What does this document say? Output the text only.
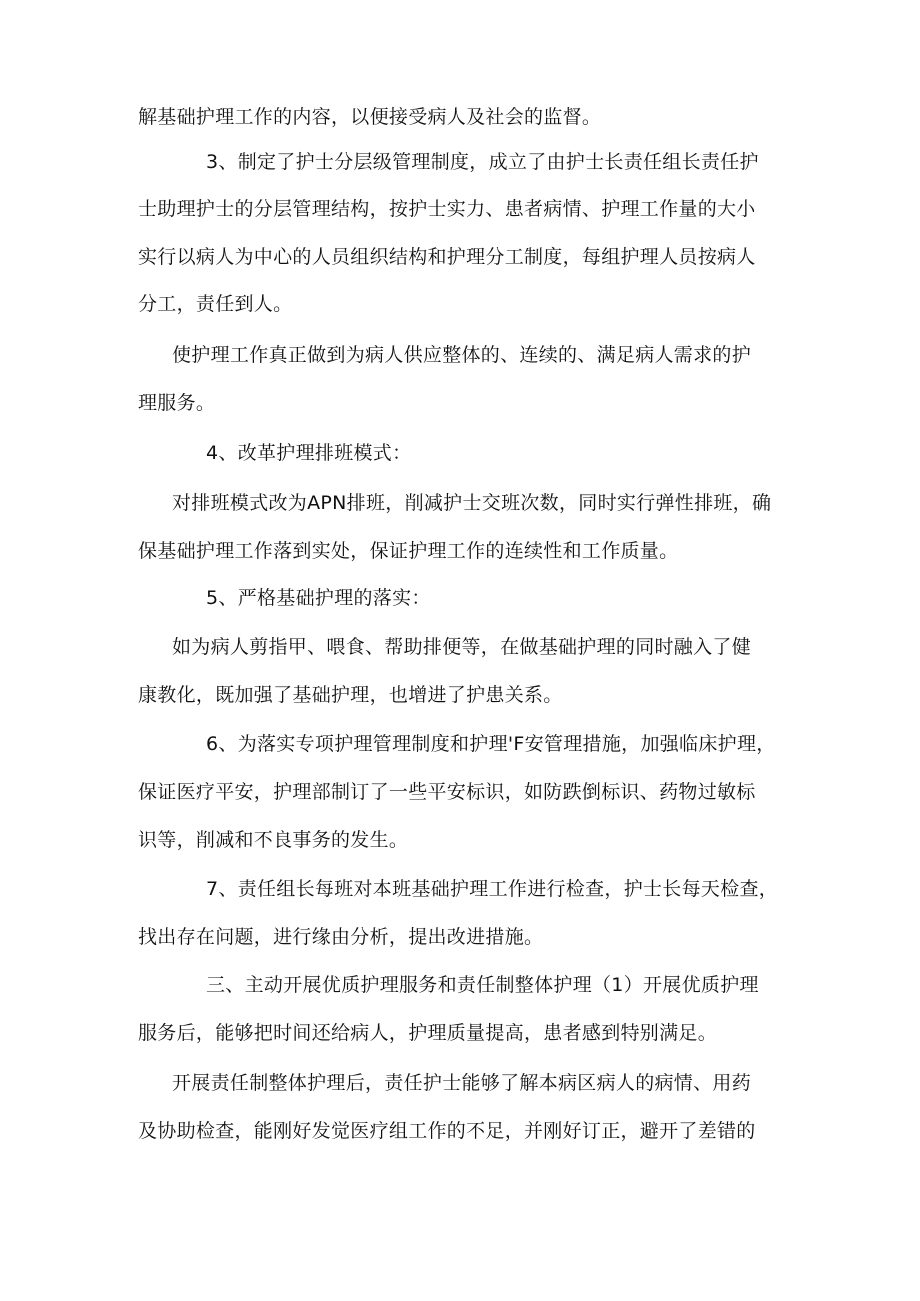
解基础护理工作的内容，以便接受病人及社会的监督。
3、制定了护士分层级管理制度，成立了由护士长责任组长责任护
士助理护士的分层管理结构，按护士实力、患者病情、护理工作量的大小
实行以病人为中心的人员组织结构和护理分工制度，每组护理人员按病人
分工，责任到人。
使护理工作真正做到为病人供应整体的、连续的、满足病人需求的护
理服务。
4、改革护理排班模式：
对排班模式改为APN排班，削减护士交班次数，同时实行弹性排班，确
保基础护理工作落到实处，保证护理工作的连续性和工作质量。
5、严格基础护理的落实：
如为病人剪指甲、喂食、帮助排便等，在做基础护理的同时融入了健
康教化，既加强了基础护理，也增进了护患关系。
6、为落实专项护理管理制度和护理'F安管理措施，加强临床护理，
保证医疗平安，护理部制订了一些平安标识，如防跌倒标识、药物过敏标
识等，削减和不良事务的发生。
7、责任组长每班对本班基础护理工作进行检查，护士长每天检查，
找出存在问题，进行缘由分析，提出改进措施。
三、主动开展优质护理服务和责任制整体护理（1）开展优质护理
服务后，能够把时间还给病人，护理质量提高，患者感到特别满足。
开展责任制整体护理后，责任护士能够了解本病区病人的病情、用药
及协助检查，能刚好发觉医疗组工作的不足，并刚好订正，避开了差错的
